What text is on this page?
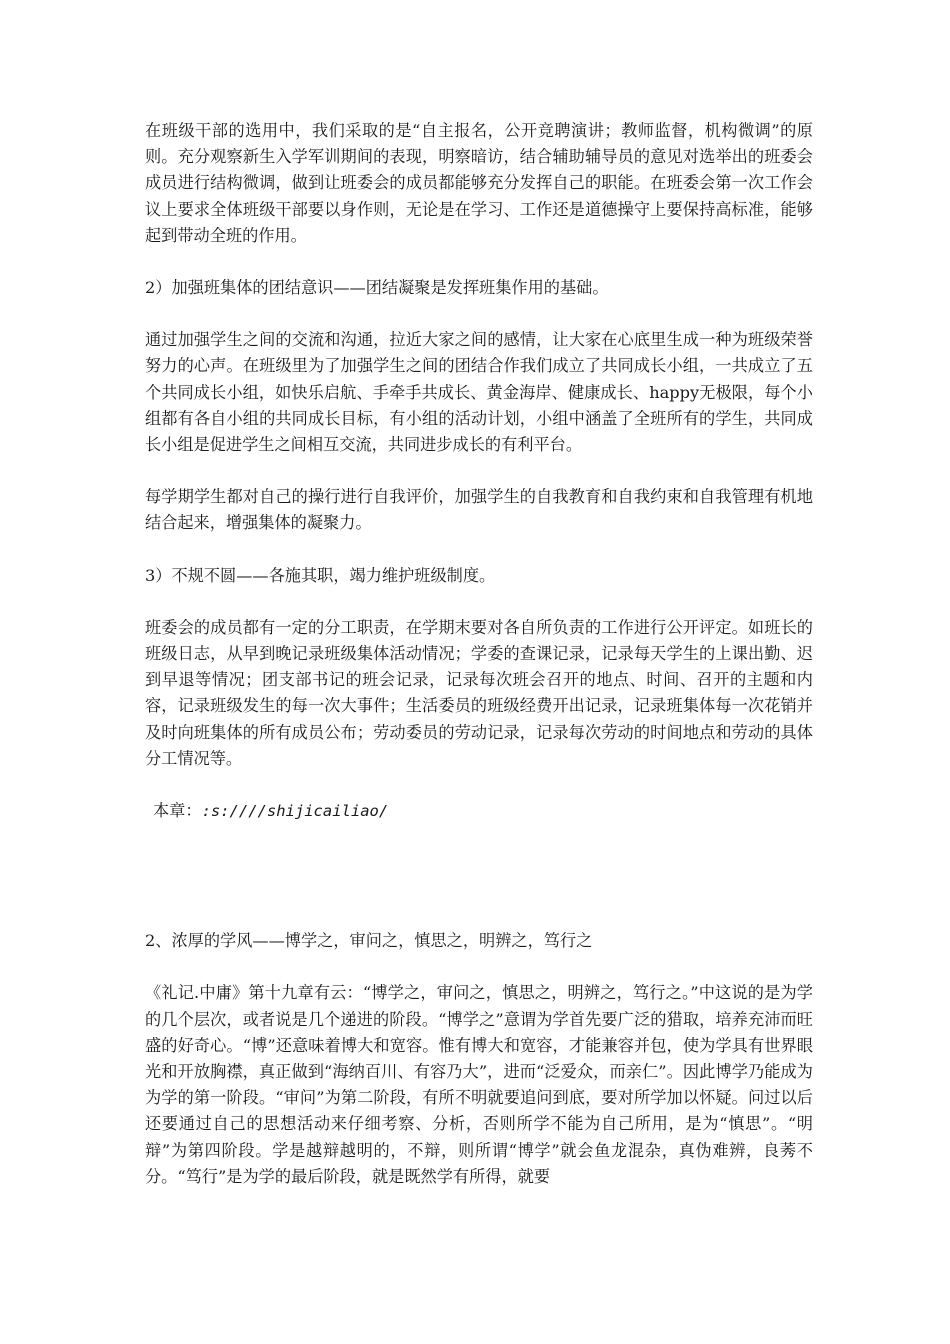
在班级干部的选用中，我们采取的是“自主报名，公开竞聘演讲；教师监督，机构微调”的原则。充分观察新生入学军训期间的表现，明察暗访，结合辅助辅导员的意见对选举出的班委会成员进行结构微调，做到让班委会的成员都能够充分发挥自己的职能。在班委会第一次工作会议上要求全体班级干部要以身作则，无论是在学习、工作还是道德操守上要保持高标准，能够起到带动全班的作用。

2）加强班集体的团结意识——团结凝聚是发挥班集作用的基础。

通过加强学生之间的交流和沟通，拉近大家之间的感情，让大家在心底里生成一种为班级荣誉努力的心声。在班级里为了加强学生之间的团结合作我们成立了共同成长小组，一共成立了五个共同成长小组，如快乐启航、手牵手共成长、黄金海岸、健康成长、happy无极限，每个小组都有各自小组的共同成长目标，有小组的活动计划，小组中涵盖了全班所有的学生，共同成长小组是促进学生之间相互交流，共同进步成长的有利平台。

每学期学生都对自己的操行进行自我评价，加强学生的自我教育和自我约束和自我管理有机地结合起来，增强集体的凝聚力。

3）不规不圆——各施其职，竭力维护班级制度。

班委会的成员都有一定的分工职责，在学期末要对各自所负责的工作进行公开评定。如班长的班级日志，从早到晚记录班级集体活动情况；学委的查课记录，记录每天学生的上课出勤、迟到早退等情况；团支部书记的班会记录，记录每次班会召开的地点、时间、召开的主题和内容，记录班级发生的每一次大事件；生活委员的班级经费开出记录，记录班集体每一次花销并及时向班集体的所有成员公布；劳动委员的劳动记录，记录每次劳动的时间地点和劳动的具体分工情况等。

本章：:s:////shijicailiao/

2、浓厚的学风——博学之，审问之，慎思之，明辨之，笃行之

《礼记.中庸》第十九章有云：“博学之，审问之，慎思之，明辨之，笃行之。”中这说的是为学的几个层次，或者说是几个递进的阶段。“博学之”意谓为学首先要广泛的猎取，培养充沛而旺盛的好奇心。“博”还意味着博大和宽容。惟有博大和宽容，才能兼容并包，使为学具有世界眼光和开放胸襟，真正做到“海纳百川、有容乃大”，进而“泛爱众，而亲仁”。因此博学乃能成为为学的第一阶段。“审问”为第二阶段，有所不明就要追问到底，要对所学加以怀疑。问过以后还要通过自己的思想活动来仔细考察、分析，否则所学不能为自己所用，是为“慎思”。“明辩”为第四阶段。学是越辩越明的，不辩，则所谓“博学”就会鱼龙混杂，真伪难辨，良莠不分。“笃行”是为学的最后阶段，就是既然学有所得，就要
